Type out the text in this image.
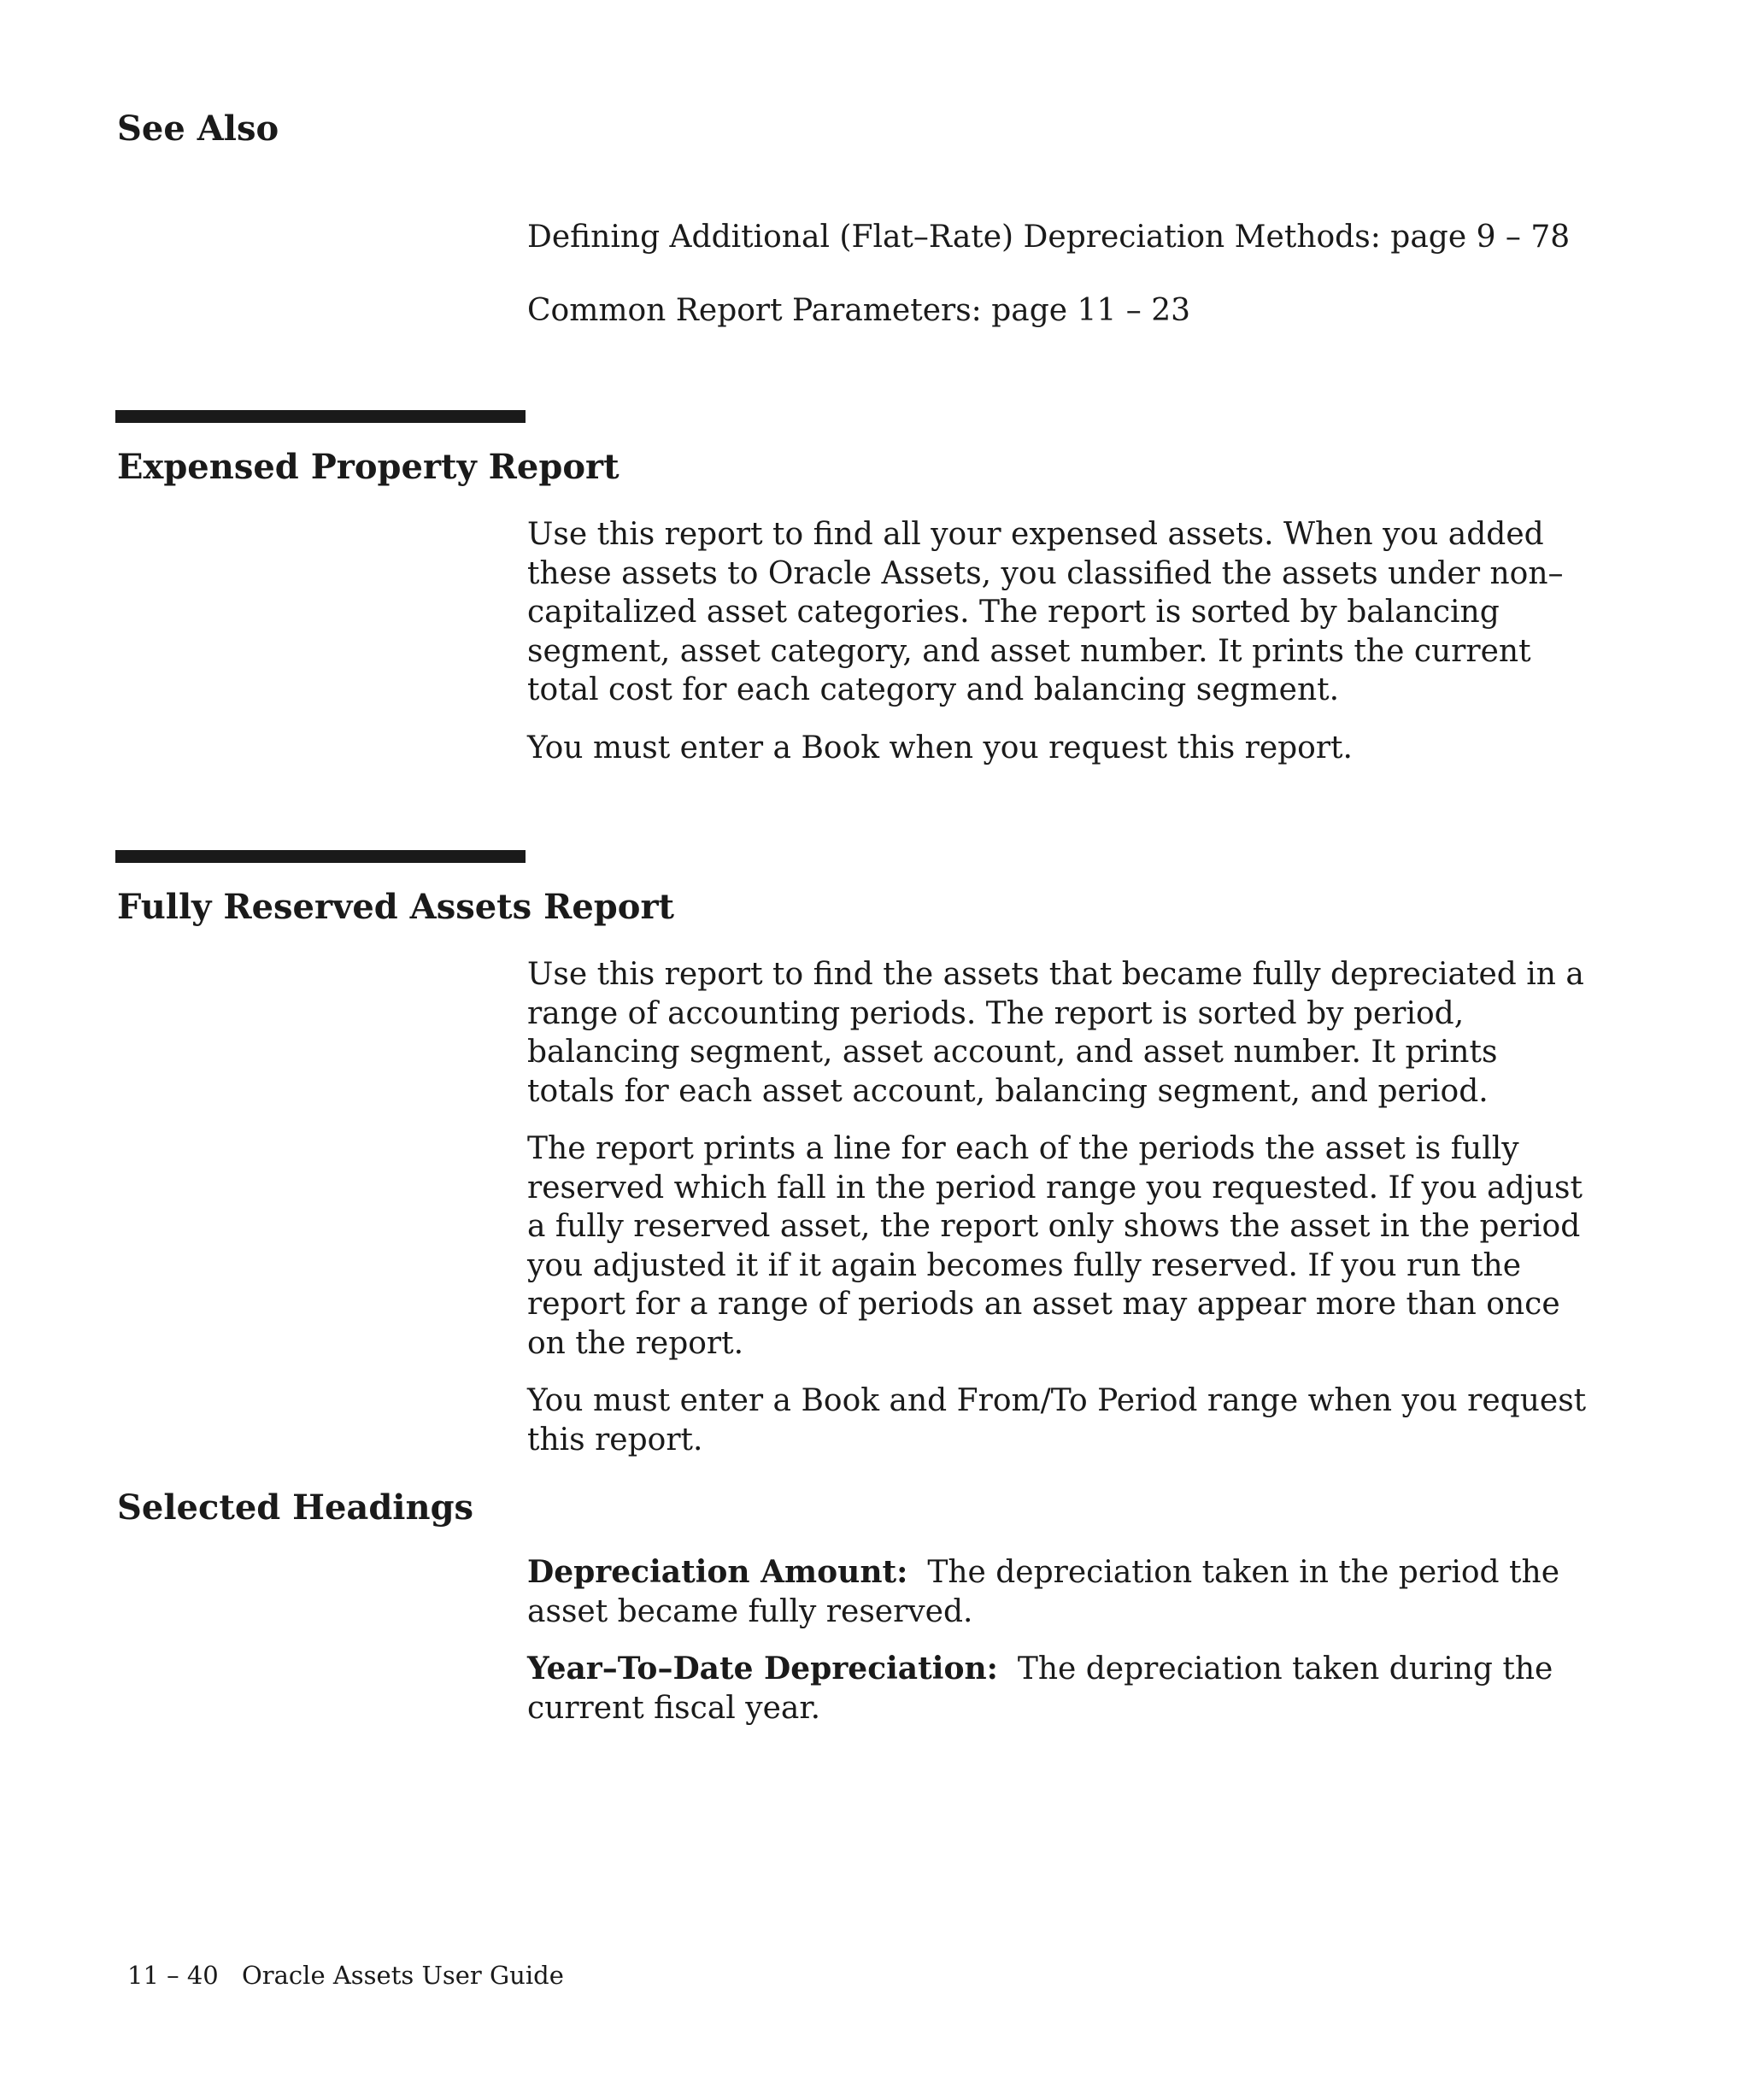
See Also

Defining Additional (Flat–Rate) Depreciation Methods: page 9 – 78

Common Report Parameters: page 11 – 23

Expensed Property Report

Use this report to find all your expensed assets. When you added these assets to Oracle Assets, you classified the assets under non–capitalized asset categories. The report is sorted by balancing segment, asset category, and asset number. It prints the current total cost for each category and balancing segment.

You must enter a Book when you request this report.

Fully Reserved Assets Report

Use this report to find the assets that became fully depreciated in a range of accounting periods. The report is sorted by period, balancing segment, asset account, and asset number. It prints totals for each asset account, balancing segment, and period.

The report prints a line for each of the periods the asset is fully reserved which fall in the period range you requested. If you adjust a fully reserved asset, the report only shows the asset in the period you adjusted it if it again becomes fully reserved. If you run the report for a range of periods an asset may appear more than once on the report.

You must enter a Book and From/To Period range when you request this report.

Selected Headings

Depreciation Amount: The depreciation taken in the period the asset became fully reserved.

Year–To–Date Depreciation: The depreciation taken during the current fiscal year.

11 – 40 Oracle Assets User Guide
